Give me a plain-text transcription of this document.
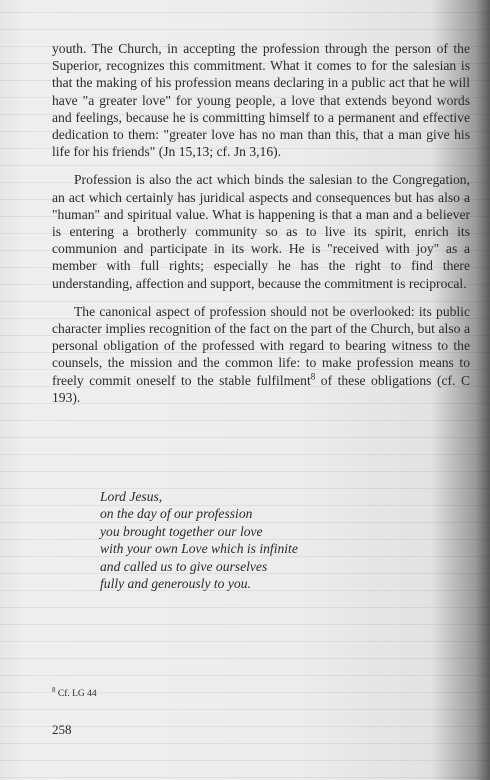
youth. The Church, in accepting the profession through the person of the Superior, recognizes this commitment. What it comes to for the salesian is that the making of his profession means declaring in a public act that he will have "a greater love" for young people, a love that extends beyond words and feelings, because he is committing himself to a permanent and effective dedication to them: "greater love has no man than this, that a man give his life for his friends" (Jn 15,13; cf. Jn 3,16).

Profession is also the act which binds the salesian to the Congregation, an act which certainly has juridical aspects and consequences but has also a "human" and spiritual value. What is happening is that a man and a believer is entering a brotherly community so as to live its spirit, enrich its communion and participate in its work. He is "received with joy" as a member with full rights; especially he has the right to find there understanding, affection and support, because the commitment is reciprocal.

The canonical aspect of profession should not be overlooked: its public character implies recognition of the fact on the part of the Church, but also a personal obligation of the professed with regard to bearing witness to the counsels, the mission and the common life: to make profession means to freely commit oneself to the stable fulfilment$^8$ of these obligations (cf. C 193).

Lord Jesus,
on the day of our profession
you brought together our love
with your own Love which is infinite
and called us to give ourselves
fully and generously to you.
$^8$ Cf. LG 44
258
